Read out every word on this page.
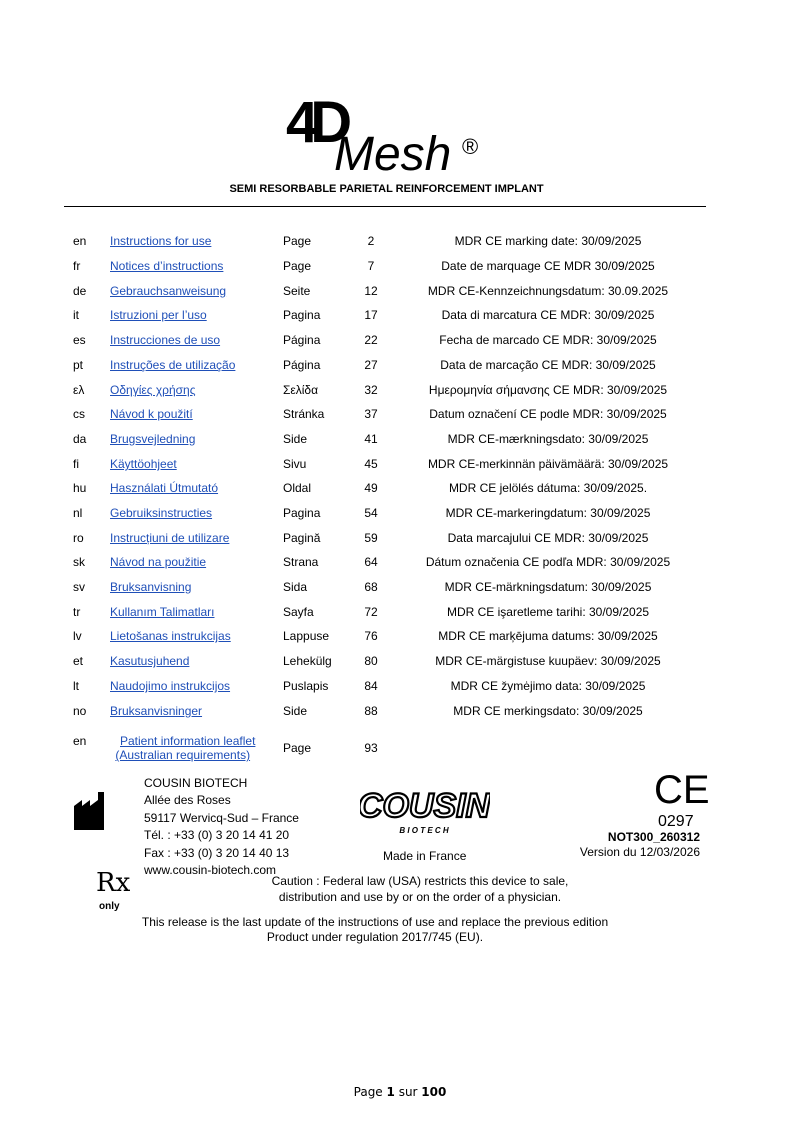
4D
Mesh ®
SEMI RESORBABLE PARIETAL REINFORCEMENT IMPLANT
en Instructions for use	Page	2	MDR CE marking date: 30/09/2025
fr Notices d’instructions	Page	7	Date de marquage CE MDR 30/09/2025
de Gebrauchsanweisung	Seite	12	MDR CE-Kennzeichnungsdatum: 30.09.2025
it	Istruzioni per l’uso	Pagina	17	Data di marcatura CE MDR: 30/09/2025
es Instrucciones de uso	Página	22	Fecha de marcado CE MDR: 30/09/2025
pt Instruções de utilização	Página	27	Data de marcação CE MDR: 30/09/2025
ελ Οδηγίες χρήσης	Σελίδα	32	Ημερομηνία σήμανσης CE MDR: 30/09/2025
cs Návod k použití	Stránka	37	Datum označení CE podle MDR: 30/09/2025
da Brugsvejledning	Side	41	MDR CE-mærkningsdato: 30/09/2025
fi	Käyttöohjeet	Sivu	45	MDR CE-merkinnän päivämäärä: 30/09/2025
hu Használati Útmutató	Oldal	49	MDR CE jelölés dátuma: 30/09/2025.
nl Gebruiksinstructies	Pagina	54	MDR CE-markeringdatum: 30/09/2025
ro Instrucțiuni de utilizare	Pagină	59	Data marcajului CE MDR: 30/09/2025
sk Návod na použitie	Strana	64	Dátum označenia CE podľa MDR: 30/09/2025
sv Bruksanvisning	Sida	68	MDR CE-märkningsdatum: 30/09/2025
tr Kullanım Talimatları	Sayfa	72	MDR CE işaretleme tarihi: 30/09/2025
lv Lietošanas instrukcijas	Lappuse	76	MDR CE marķējuma datums: 30/09/2025
et Kasutusjuhend	Lehekülg	80	MDR CE-märgistuse kuupäev: 30/09/2025
lt	Naudojimo instrukcijos	Puslapis	84	MDR CE žymėjimo data: 30/09/2025
no Bruksanvisninger	Side	88	MDR CE merkingsdato: 30/09/2025
en	Patient information leaflet
(Australian requirements)	Page	93
COUSIN BIOTECH
Allée des Roses
59117 Wervicq-Sud – France
Tél. : +33 (0) 3 20 14 41 20
Fax : +33 (0) 3 20 14 40 13
www.cousin-biotech.com
COUSIN
B I O T E C H
Made in France
CE
0297
NOT300_260312
Version du 12/03/2026
Rx
only
Caution : Federal law (USA) restricts this device to sale,
distribution and use by or on the order of a physician.
This release is the last update of the instructions of use and replace the previous edition
Product under regulation 2017/745 (EU).
Page 1 sur 100
